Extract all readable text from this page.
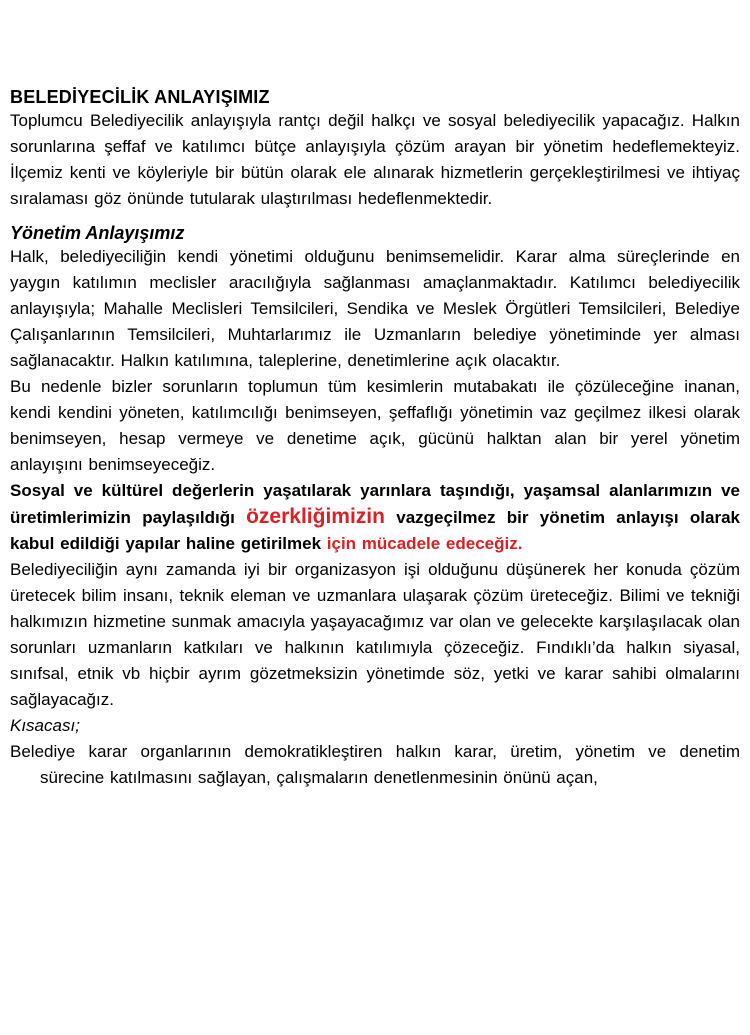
BELEDİYECİLİK ANLAYIŞIMIZ

Toplumcu Belediyecilik anlayışıyla rantçı değil halkçı ve sosyal belediyecilik yapacağız. Halkın sorunlarına şeffaf ve katılımcı bütçe anlayışıyla çözüm arayan bir yönetim hedeflemekteyiz. İlçemiz kenti ve köyleriyle bir bütün olarak ele alınarak hizmetlerin gerçekleştirilmesi ve ihtiyaç sıralaması göz önünde tutularak ulaştırılması hedeflenmektedir.

Yönetim Anlayışımız

Halk, belediyeciliğin kendi yönetimi olduğunu benimsemelidir. Karar alma süreçlerinde en yaygın katılımın meclisler aracılığıyla sağlanması amaçlanmaktadır. Katılımcı belediyecilik anlayışıyla; Mahalle Meclisleri Temsilcileri, Sendika ve Meslek Örgütleri Temsilcileri, Belediye Çalışanlarının Temsilcileri, Muhtarlarımız ile Uzmanların belediye yönetiminde yer alması sağlanacaktır. Halkın katılımına, taleplerine, denetimlerine açık olacaktır.

Bu nedenle bizler sorunların toplumun tüm kesimlerin mutabakatı ile çözüleceğine inanan, kendi kendini yöneten, katılımcılığı benimseyen, şeffaflığı yönetimin vaz geçilmez ilkesi olarak benimseyen, hesap vermeye ve denetime açık, gücünü halktan alan bir yerel yönetim anlayışını benimseyeceğiz.

Sosyal ve kültürel değerlerin yaşatılarak yarınlara taşındığı, yaşamsal alanlarımızın ve üretimlerimizin paylaşıldığı özerkliğimizin vazgeçilmez bir yönetim anlayışı olarak kabul edildiği yapılar haline getirilmek için mücadele edeceğiz.

Belediyeciliğin aynı zamanda iyi bir organizasyon işi olduğunu düşünerek her konuda çözüm üretecek bilim insanı, teknik eleman ve uzmanlara ulaşarak çözüm üreteceğiz. Bilimi ve tekniği halkımızın hizmetine sunmak amacıyla yaşayacağımız var olan ve gelecekte karşılaşılacak olan sorunları uzmanların katkıları ve halkının katılımıyla çözeceğiz. Fındıklı’da halkın siyasal, sınıfsal, etnik vb hiçbir ayrım gözetmeksizin yönetimde söz, yetki ve karar sahibi olmalarını sağlayacağız.

Kısacası;

Belediye karar organlarının demokratikleştiren halkın karar, üretim, yönetim ve denetim sürecine katılmasını sağlayan, çalışmaların denetlenmesinin önünü açan,
